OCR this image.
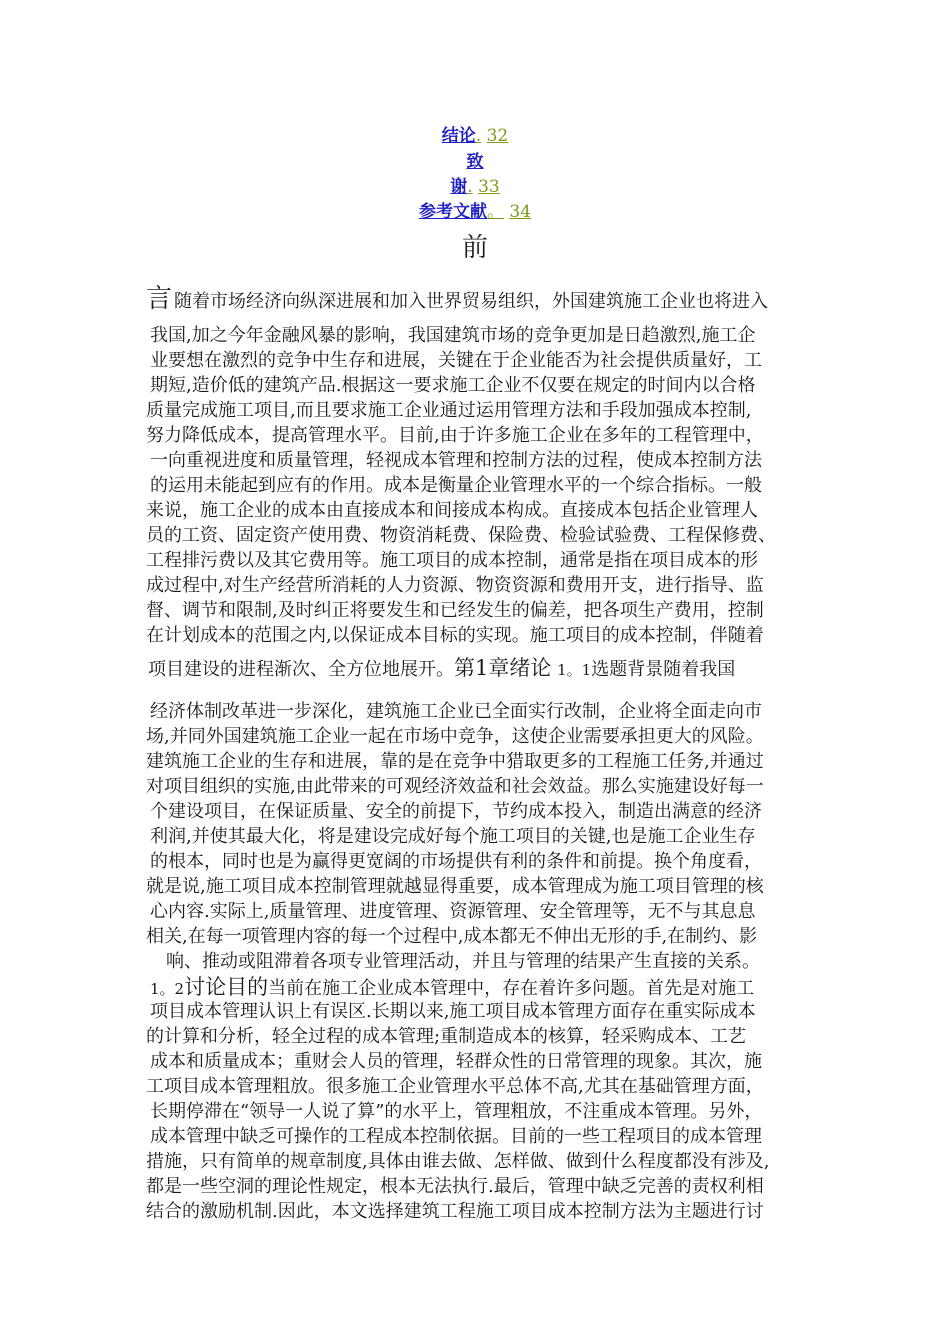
结论. 32
致
谢. 33
参考文献。 34
前
言 随着市场经济向纵深进展和加入世界贸易组织，外国建筑施工企业也将进入
我国,加之今年金融风暴的影响，我国建筑市场的竞争更加是日趋激烈,施工企
业要想在激烈的竞争中生存和进展，关键在于企业能否为社会提供质量好，工
期短,造价低的建筑产品.根据这一要求施工企业不仅要在规定的时间内以合格
质量完成施工项目,而且要求施工企业通过运用管理方法和手段加强成本控制,
努力降低成本，提高管理水平。目前,由于许多施工企业在多年的工程管理中，
一向重视进度和质量管理，轻视成本管理和控制方法的过程，使成本控制方法
的运用未能起到应有的作用。成本是衡量企业管理水平的一个综合指标。一般
来说，施工企业的成本由直接成本和间接成本构成。直接成本包括企业管理人
员的工资、固定资产使用费、物资消耗费、保险费、检验试验费、工程保修费、
工程排污费以及其它费用等。施工项目的成本控制，通常是指在项目成本的形
成过程中,对生产经营所消耗的人力资源、物资资源和费用开支，进行指导、监
督、调节和限制,及时纠正将要发生和已经发生的偏差，把各项生产费用，控制
在计划成本的范围之内,以保证成本目标的实现。施工项目的成本控制，伴随着
项目建设的进程渐次、全方位地展开。第1章绪论 1。1选题背景随着我国
经济体制改革进一步深化，建筑施工企业已全面实行改制，企业将全面走向市
场,并同外国建筑施工企业一起在市场中竞争，这使企业需要承担更大的风险。
建筑施工企业的生存和进展，靠的是在竞争中猎取更多的工程施工任务,并通过
对项目组织的实施,由此带来的可观经济效益和社会效益。那么实施建设好每一
个建设项目，在保证质量、安全的前提下，节约成本投入，制造出满意的经济
利润,并使其最大化，将是建设完成好每个施工项目的关键,也是施工企业生存
的根本，同时也是为赢得更宽阔的市场提供有利的条件和前提。换个角度看，
就是说,施工项目成本控制管理就越显得重要，成本管理成为施工项目管理的核
心内容.实际上,质量管理、进度管理、资源管理、安全管理等，无不与其息息
相关,在每一项管理内容的每一个过程中,成本都无不伸出无形的手,在制约、影
响、推动或阻滞着各项专业管理活动，并且与管理的结果产生直接的关系。
1。2讨论目的当前在施工企业成本管理中，存在着许多问题。首先是对施工
项目成本管理认识上有误区.长期以来,施工项目成本管理方面存在重实际成本
的计算和分析，轻全过程的成本管理;重制造成本的核算，轻采购成本、工艺
成本和质量成本；重财会人员的管理，轻群众性的日常管理的现象。其次，施
工项目成本管理粗放。很多施工企业管理水平总体不高,尤其在基础管理方面，
长期停滞在“领导一人说了算”的水平上，管理粗放，不注重成本管理。另外，
成本管理中缺乏可操作的工程成本控制依据。目前的一些工程项目的成本管理
措施，只有简单的规章制度,具体由谁去做、怎样做、做到什么程度都没有涉及,
都是一些空洞的理论性规定，根本无法执行.最后，管理中缺乏完善的责权利相
结合的激励机制.因此，本文选择建筑工程施工项目成本控制方法为主题进行讨
